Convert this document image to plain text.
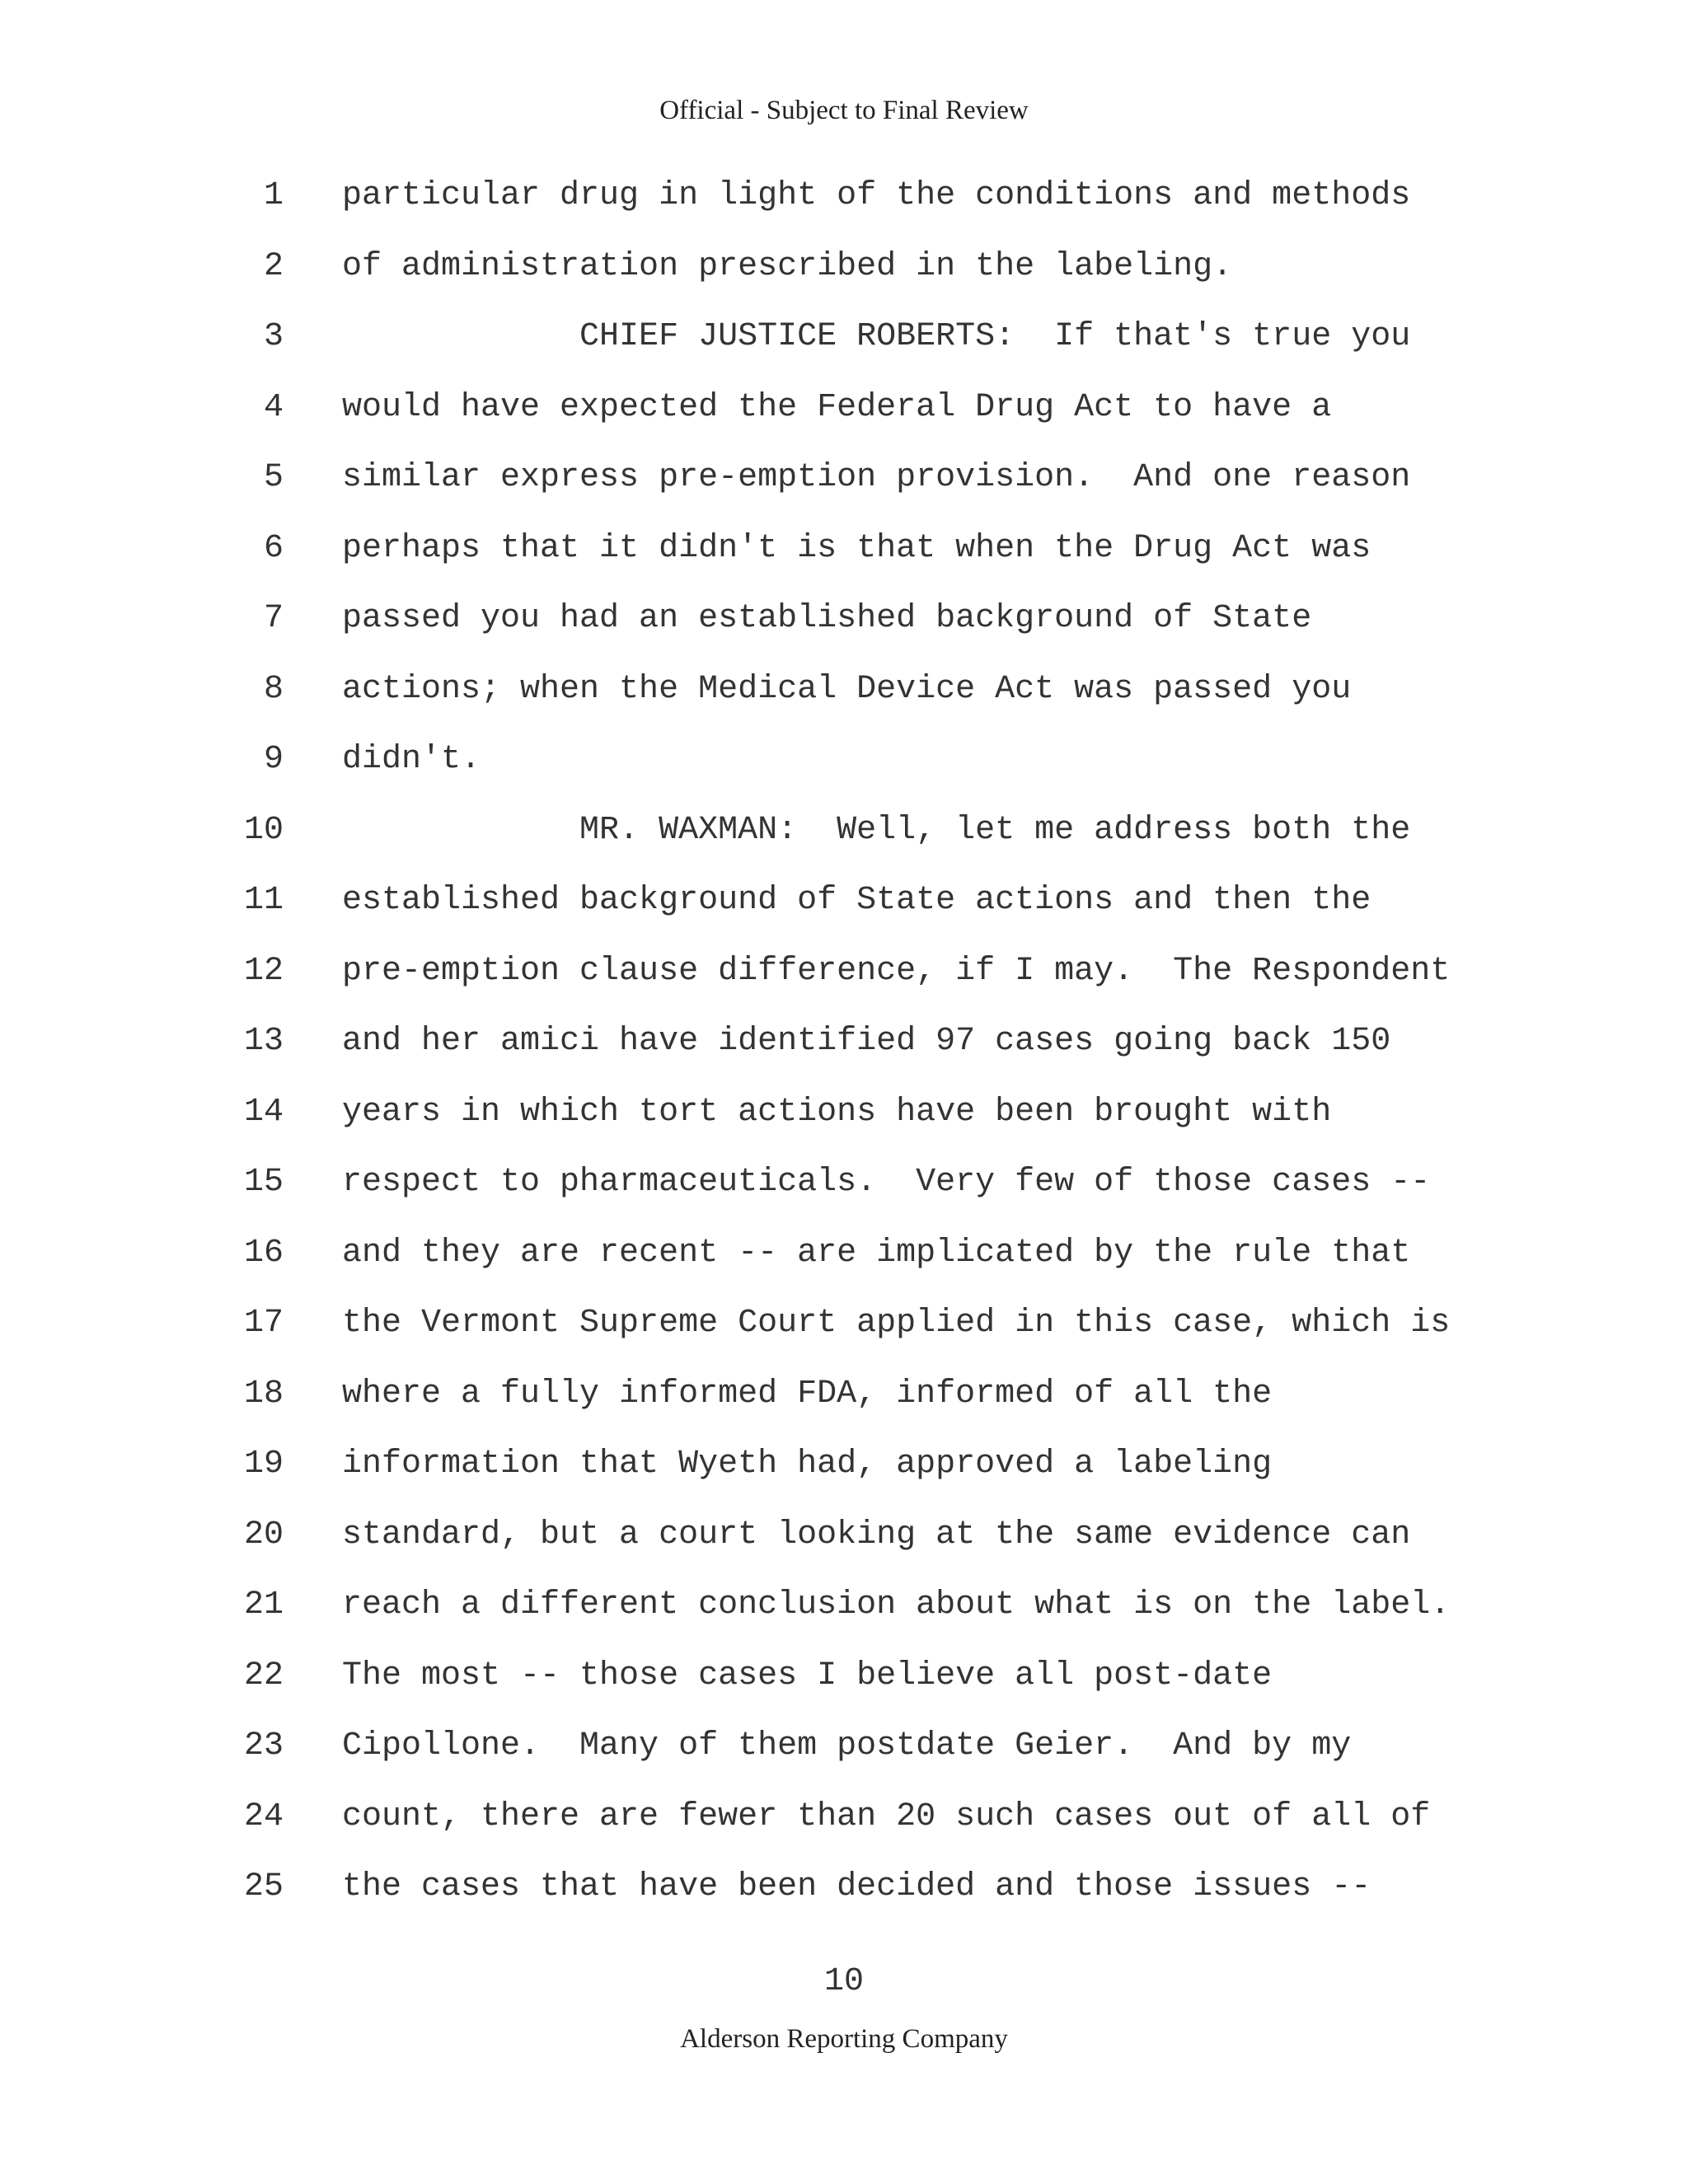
Official - Subject to Final Review
1 particular drug in light of the conditions and methods
2 of administration prescribed in the labeling.
3 CHIEF JUSTICE ROBERTS:  If that's true you
4 would have expected the Federal Drug Act to have a
5 similar express pre-emption provision.  And one reason
6 perhaps that it didn't is that when the Drug Act was
7 passed you had an established background of State
8 actions; when the Medical Device Act was passed you
9 didn't.
10 MR. WAXMAN:  Well, let me address both the
11 established background of State actions and then the
12 pre-emption clause difference, if I may.  The Respondent
13 and her amici have identified 97 cases going back 150
14 years in which tort actions have been brought with
15 respect to pharmaceuticals.  Very few of those cases --
16 and they are recent -- are implicated by the rule that
17 the Vermont Supreme Court applied in this case, which is
18 where a fully informed FDA, informed of all the
19 information that Wyeth had, approved a labeling
20 standard, but a court looking at the same evidence can
21 reach a different conclusion about what is on the label.
22 The most -- those cases I believe all post-date
23 Cipollone.  Many of them postdate Geier.  And by my
24 count, there are fewer than 20 such cases out of all of
25 the cases that have been decided and those issues --
10
Alderson Reporting Company
